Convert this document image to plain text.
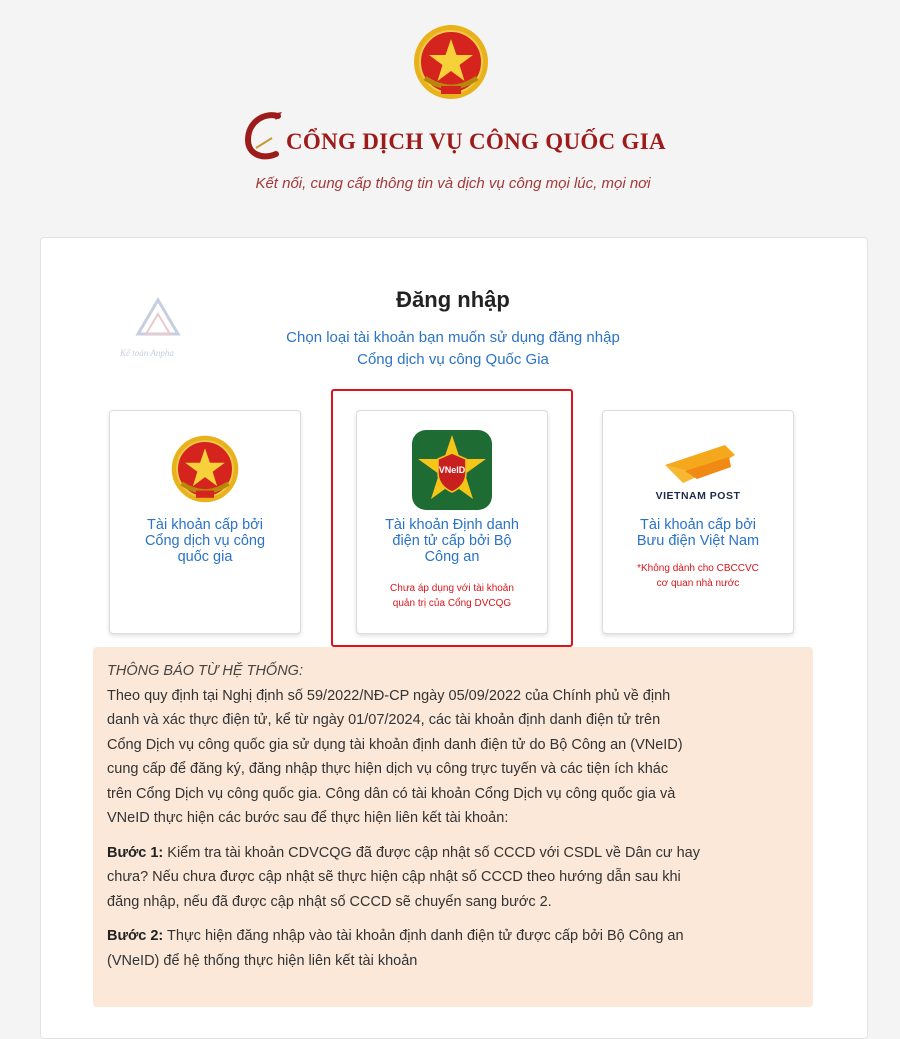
CỔNG DỊCH VỤ CÔNG QUỐC GIA
Kết nối, cung cấp thông tin và dịch vụ công mọi lúc, mọi nơi
Kế toán Anpha
Đăng nhập
Chọn loại tài khoản bạn muốn sử dụng đăng nhập
Cổng dịch vụ công Quốc Gia
Tài khoản cấp bởi
Cổng dịch vụ công
quốc gia
VNeID
Tài khoản Định danh
điện tử cấp bởi Bộ
Công an
Chưa áp dụng với tài khoản
quản trị của Cổng DVCQG
VIETNAM POST
Tài khoản cấp bởi
Bưu điện Việt Nam
*Không dành cho CBCCVC
cơ quan nhà nước
THÔNG BÁO TỪ HỆ THỐNG:

Theo quy định tại Nghị định số 59/2022/NĐ-CP ngày 05/09/2022 của Chính phủ về định
danh và xác thực điện tử, kể từ ngày 01/07/2024, các tài khoản định danh điện tử trên
Cổng Dịch vụ công quốc gia sử dụng tài khoản định danh điện tử do Bộ Công an (VNeID)
cung cấp để đăng ký, đăng nhập thực hiện dịch vụ công trực tuyến và các tiện ích khác
trên Cổng Dịch vụ công quốc gia. Công dân có tài khoản Cổng Dịch vụ công quốc gia và
VNeID thực hiện các bước sau để thực hiện liên kết tài khoản:

Bước 1: Kiểm tra tài khoản CDVCQG đã được cập nhật số CCCD với CSDL về Dân cư hay
chưa? Nếu chưa được cập nhật sẽ thực hiện cập nhật số CCCD theo hướng dẫn sau khi
đăng nhập, nếu đã được cập nhật số CCCD sẽ chuyển sang bước 2.

Bước 2: Thực hiện đăng nhập vào tài khoản định danh điện tử được cấp bởi Bộ Công an
(VNeID) để hệ thống thực hiện liên kết tài khoản
